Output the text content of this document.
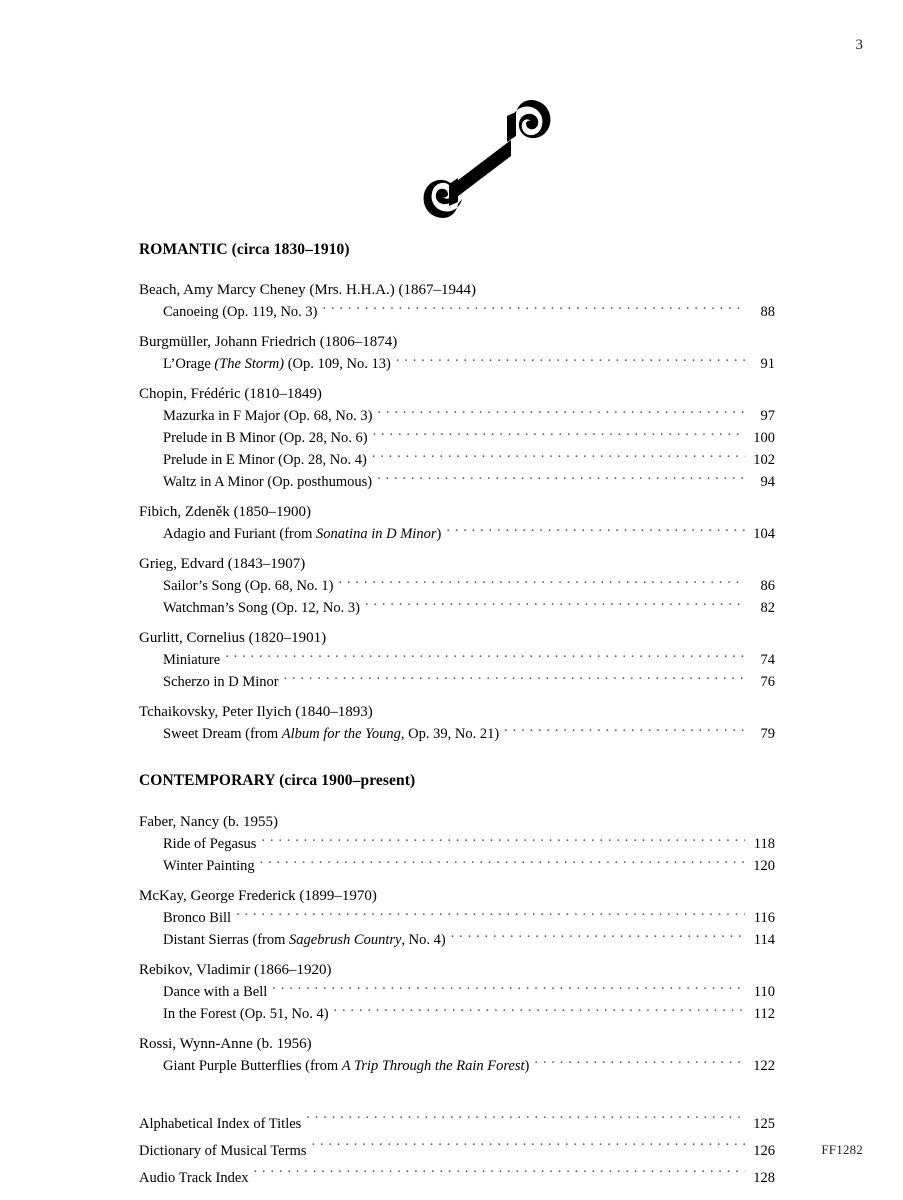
3
ROMANTIC (circa 1830–1910)
Beach, Amy Marcy Cheney (Mrs. H.H.A.) (1867–1944)
Canoeing (Op. 119, No. 3) . . .	88
Burgmüller, Johann Friedrich (1806–1874)
L’Orage (The Storm) (Op. 109, No. 13) . . .	91
Chopin, Frédéric (1810–1849)
Mazurka in F Major (Op. 68, No. 3) . . .	97
Prelude in B Minor (Op. 28, No. 6) . . .	100
Prelude in E Minor (Op. 28, No. 4) . . .	102
Waltz in A Minor (Op. posthumous) . . .	94
Fibich, Zdeněk (1850–1900)
Adagio and Furiant (from Sonatina in D Minor) . . .	104
Grieg, Edvard (1843–1907)
Sailor’s Song (Op. 68, No. 1) . . .	86
Watchman’s Song (Op. 12, No. 3) . . .	82
Gurlitt, Cornelius (1820–1901)
Miniature . . .	74
Scherzo in D Minor . . .	76
Tchaikovsky, Peter Ilyich (1840–1893)
Sweet Dream (from Album for the Young, Op. 39, No. 21) . . .	79
CONTEMPORARY (circa 1900–present)
Faber, Nancy (b. 1955)
Ride of Pegasus . . .	118
Winter Painting . . .	120
McKay, George Frederick (1899–1970)
Bronco Bill . . .	116
Distant Sierras (from Sagebrush Country, No. 4) . . .	114
Rebikov, Vladimir (1866–1920)
Dance with a Bell . . .	110
In the Forest (Op. 51, No. 4) . . .	112
Rossi, Wynn-Anne (b. 1956)
Giant Purple Butterflies (from A Trip Through the Rain Forest) . . .	122
Alphabetical Index of Titles . . .	125
Dictionary of Musical Terms . . .	126
Audio Track Index . . .	128
FF1282
